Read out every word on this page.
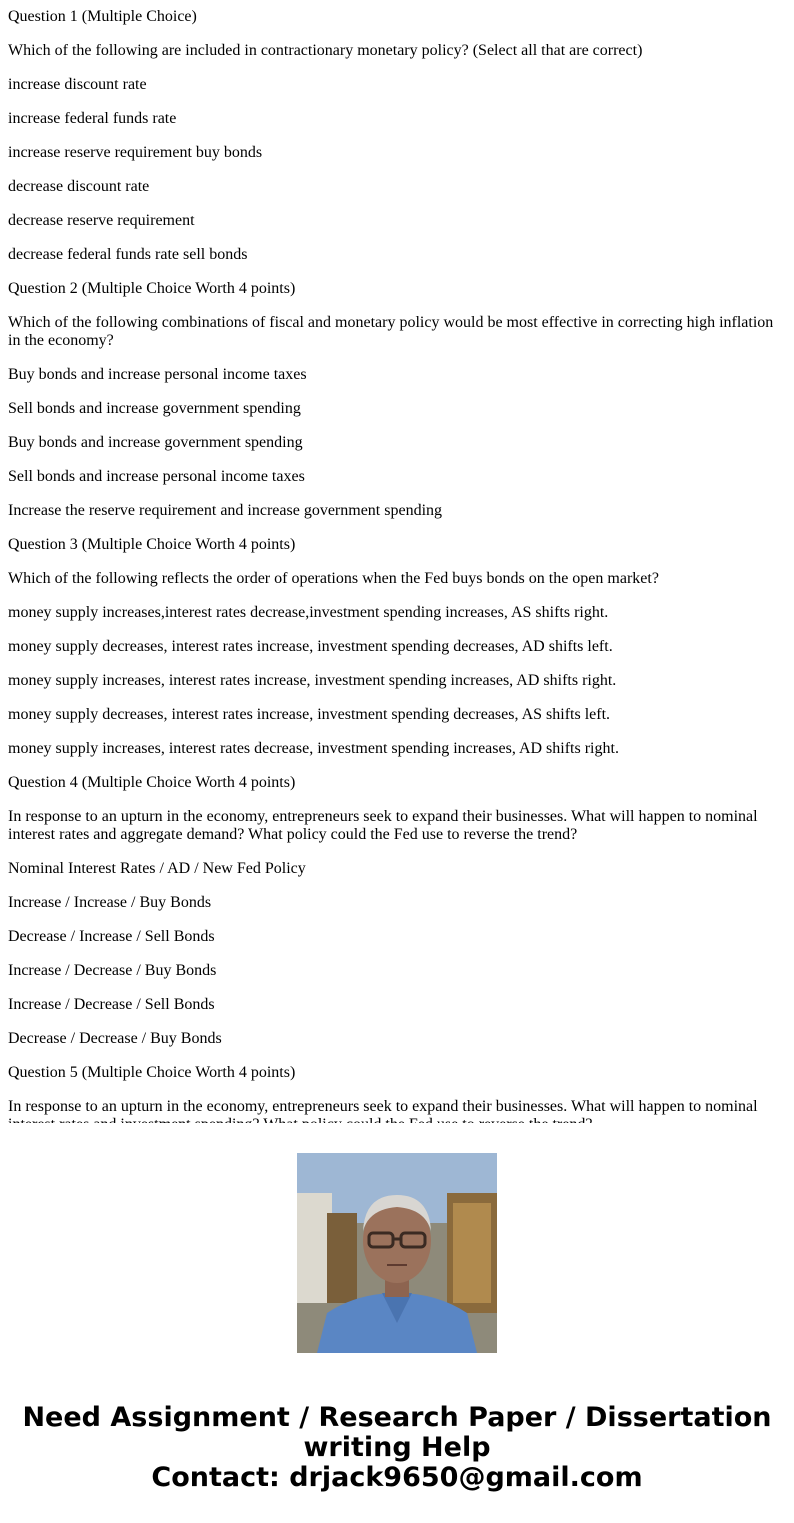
Question 1 (Multiple Choice)

Which of the following are included in contractionary monetary policy? (Select all that are correct)

increase discount rate

increase federal funds rate

increase reserve requirement buy bonds

decrease discount rate

decrease reserve requirement

decrease federal funds rate sell bonds

Question 2 (Multiple Choice Worth 4 points)

Which of the following combinations of fiscal and monetary policy would be most effective in correcting high inflation in the economy?

Buy bonds and increase personal income taxes

Sell bonds and increase government spending

Buy bonds and increase government spending

Sell bonds and increase personal income taxes

Increase the reserve requirement and increase government spending

Question 3 (Multiple Choice Worth 4 points)

Which of the following reflects the order of operations when the Fed buys bonds on the open market?

money supply increases,interest rates decrease,investment spending increases, AS shifts right.

money supply decreases, interest rates increase, investment spending decreases, AD shifts left.

money supply increases, interest rates increase, investment spending increases, AD shifts right.

money supply decreases, interest rates increase, investment spending decreases, AS shifts left.

money supply increases, interest rates decrease, investment spending increases, AD shifts right.

Question 4 (Multiple Choice Worth 4 points)

In response to an upturn in the economy, entrepreneurs seek to expand their businesses. What will happen to nominal interest rates and aggregate demand? What policy could the Fed use to reverse the trend?

Nominal Interest Rates / AD / New Fed Policy

Increase / Increase / Buy Bonds

Decrease / Increase / Sell Bonds

Increase / Decrease / Buy Bonds

Increase / Decrease / Sell Bonds

Decrease / Decrease / Buy Bonds

Question 5 (Multiple Choice Worth 4 points)

In response to an upturn in the economy, entrepreneurs seek to expand their businesses. What will happen to nominal

Need Assignment / Research Paper / Dissertation
writing Help
Contact: drjack9650@gmail.com
